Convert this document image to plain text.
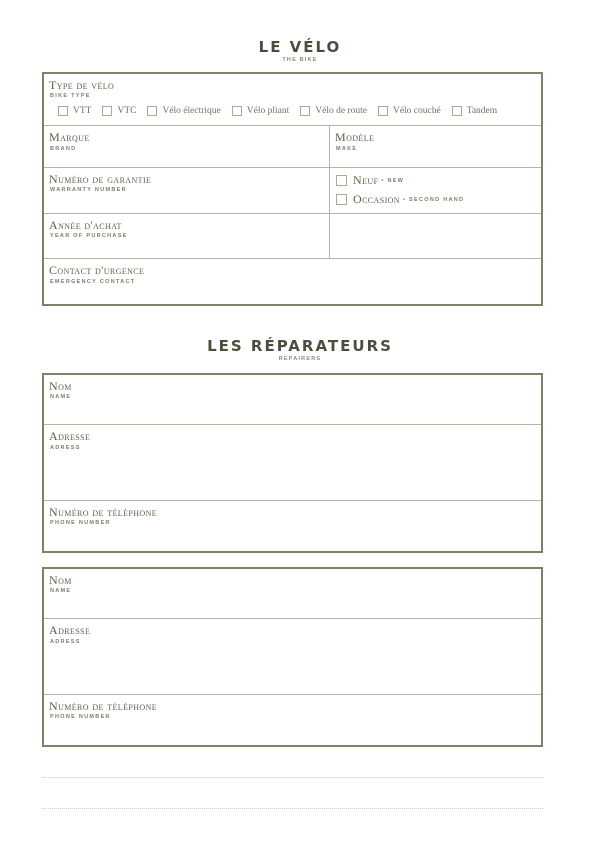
LE VÉLO
THE BIKE
Type de vélo
BIKE TYPE
VTT	VTC	Vélo électrique	Vélo pliant	Vélo de route	Vélo couché	Tandem
Marque
BRAND
Modèle
MAKE
Numéro de garantie
WARRANTY NUMBER
Neuf • NEW
Occasion • SECOND HAND
Année d'achat
YEAR OF PURCHASE
Contact d'urgence
EMERGENCY CONTACT
LES RÉPARATEURS
REPAIRERS
Nom
NAME
Adresse
ADRESS
Numéro de téléphone
PHONE NUMBER
Nom
NAME
Adresse
ADRESS
Numéro de téléphone
PHONE NUMBER
